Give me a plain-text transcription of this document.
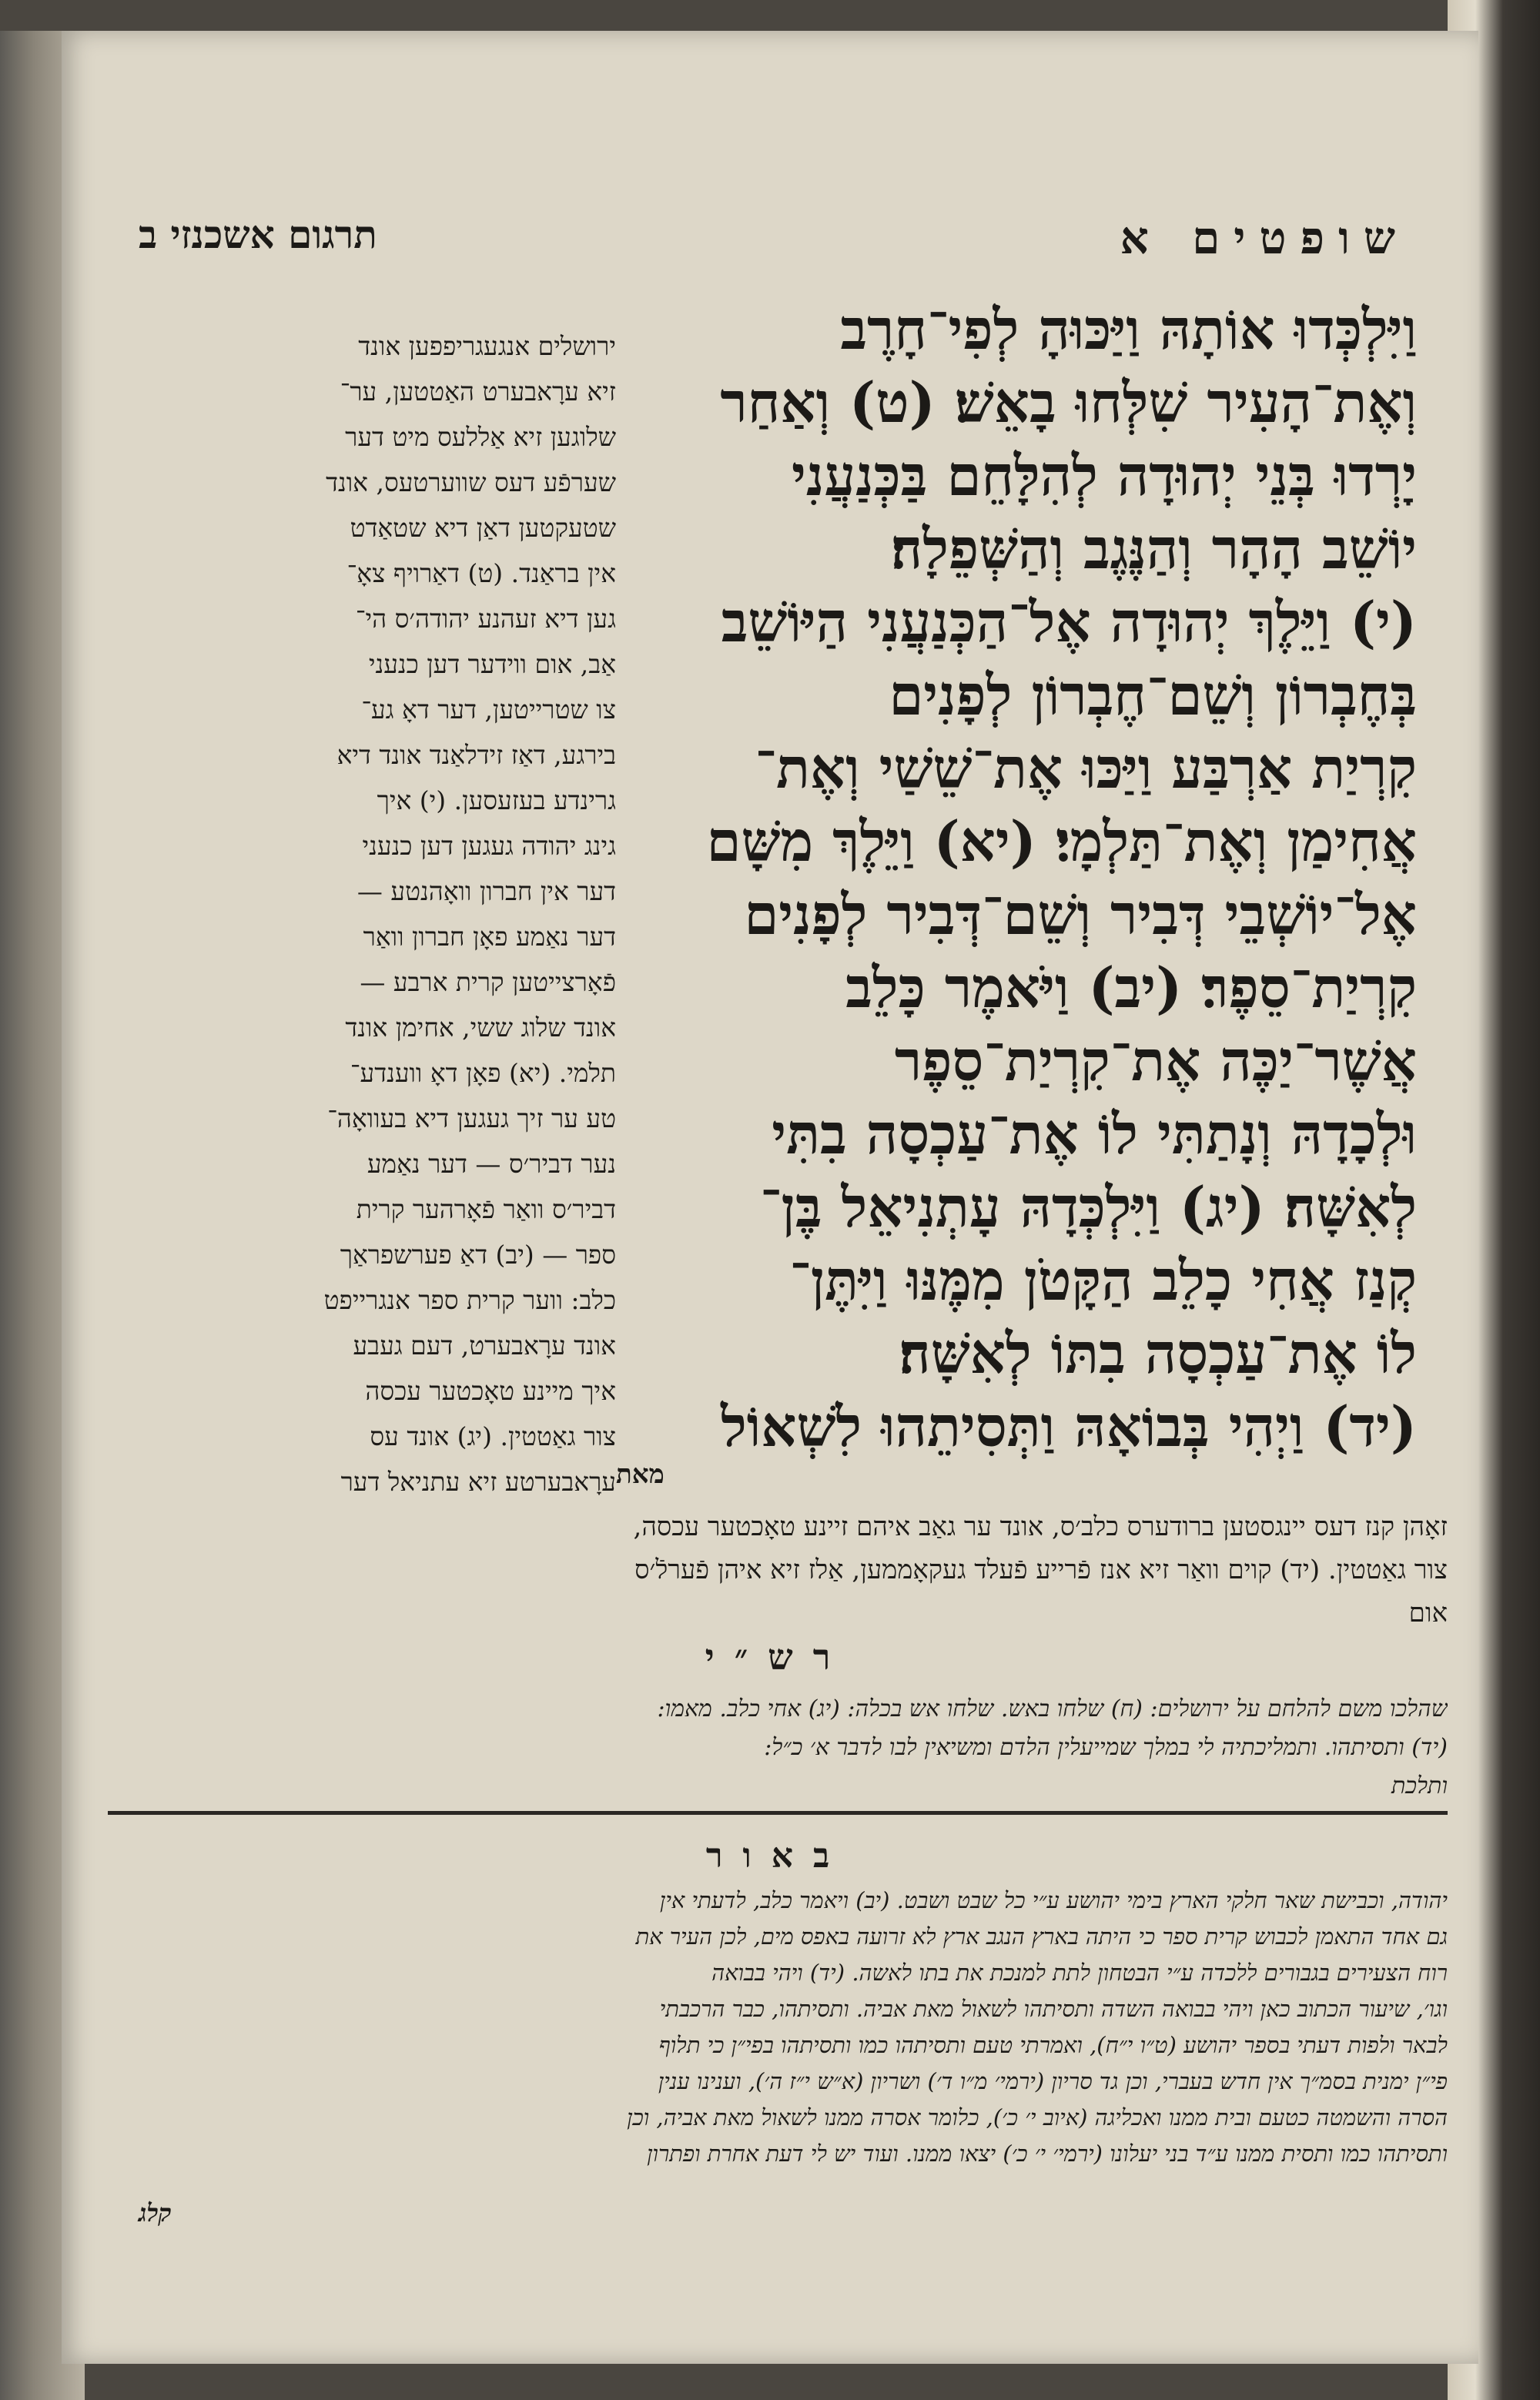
שופטים א
תרגום אשכנזי ב
וַיִּלְכְּדוּ אוֹתָהּ וַיַּכּוּהָ לְפִי־חָרֶב
וְאֶת־הָעִיר שִׁלְּחוּ בָאֵשׁ׃ (ט) וְאַחַר
יָרְדוּ בְּנֵי יְהוּדָה לְהִלָּחֵם בַּכְּנַעֲנִי
יוֹשֵׁב הָהָר וְהַנֶּגֶב וְהַשְּׁפֵלָה׃
(י) וַיֵּלֶךְ יְהוּדָה אֶל־הַכְּנַעֲנִי הַיּוֹשֵׁב
בְּחֶבְרוֹן וְשֵׁם־חֶבְרוֹן לְפָנִים
קִרְיַת אַרְבַּע וַיַּכּוּ אֶת־שֵׁשַׁי וְאֶת־
אֲחִימַן וְאֶת־תַּלְמָי׃ (יא) וַיֵּלֶךְ מִשָּׁם
אֶל־יוֹשְׁבֵי דְּבִיר וְשֵׁם־דְּבִיר לְפָנִים
קִרְיַת־סֵפֶר׃ (יב) וַיֹּאמֶר כָּלֵב
אֲשֶׁר־יַכֶּה אֶת־קִרְיַת־סֵפֶר
וּלְכָדָהּ וְנָתַתִּי לוֹ אֶת־עַכְסָה בִתִּי
לְאִשָּׁה׃ (יג) וַיִּלְכְּדָהּ עָתְנִיאֵל בֶּן־
קְנַז אֲחִי כָלֵב הַקָּטֹן מִמֶּנּוּ וַיִּתֶּן־
לוֹ אֶת־עַכְסָה בִתּוֹ לְאִשָּׁה׃
(יד) וַיְהִי בְּבוֹאָהּ וַתְּסִיתֵהוּ לִשְׁאוֹל
מאת
ירושלים אנגעגריפפען אונד
זיא ערָאבערט האַטטען, ער־
שלוגען זיא אַללעס מיט דער
שערפֿע דעס שווערטעס, אונד
שטעקטען דאַן דיא שטאַדט
אין בראַנד. (ט) דאַרויף צאָ־
גען דיא זעהנע יהודה׳ס הי־
אַב, אום ווידער דען כנעני
צו שטרייטען, דער דאָ גע־
בירגע, דאַז זידלאַנד אונד דיא
גרינדע בעזעסען. (י) איך
גינג יהודה געגען דען כנעני
דער אין חברון וואָהנטע —
דער נאַמע פאָן חברון וואַר
פֿאָרצייטען קרית ארבע —
אונד שלוג ששי, אחימן אונד
תלמי. (יא) פאָן דאָ ווענדע־
טע ער זיך געגען דיא בעוואָה־
נער דביר׳ס — דער נאַמע
דביר׳ס וואַר פֿאָרהער קרית
ספר — (יב) דאַ פערשפראַך
כלב: ווער קרית ספר אנגרייפט
אונד ערָאבערט, דעם געבע
איך מיינע טאָכטער עכסה
צור גאַטטין. (יג) אונד עס
ערָאבערטע זיא עתניאל דער
זאָהן קנז דעס יינגסטען ברודערס כלב׳ס, אונד ער גאַב איהם זיינע טאָכטער עכסה,
צור גאַטטין. (יד) קוים וואַר זיא אנז פֿרייע פֿעלד געקאָממען, אַלז זיא איהן פֿערלֿ׳ס
אום
רש״י
שהלכו משם להלחם על ירושלים: (ח) שלחו באש. שלחו אש בכלה: (יג) אחי כלב. מאמו:
(יד) ותסיתהו. ותמליכתיה לי במלך שמייעלין הלדם ומשיאין לבו לדבר א׳ כ״ל:
ותלכת
באור
יהודה, וכבישת שאר חלקי הארץ בימי יהושע ע״י כל שבט ושבט. (יב) ויאמר כלב, לדעתי אין
גם אחד התאמן לכבוש קרית ספר כי היתה בארץ הנגב ארץ לא זרועה באפס מים, לכן העיר את
רוח הצעירים בגבורים ללכדה ע״י הבטחון לתת למנכת את בתו לאשה. (יד) ויהי בבואה
וגו׳, שיעור הכתוב כאן ויהי בבואה השדה ותסיתהו לשאול מאת אביה. ותסיתהו, כבר הרכבתי
לבאר ולפות דעתי בספר יהושע (ט״ו י״ח), ואמרתי טעם ותסיתהו כמו ותסיתהו בפי״ן כי תלוף
פי״ן ימנית בסמ״ך אין חדש בעברי, וכן גד סריון (ירמי׳ מ״ו ד׳) ושריון (א״ש י״ז ה׳), וענינו ענין
הסרה והשמטה כטעם ובית ממנו ואכליגה (איוב י׳ כ׳), כלומר אסרה ממנו לשאול מאת אביה, וכן
ותסיתהו כמו ותסית ממנו ע״ד בני יעלונו (ירמי׳ י׳ כ׳) יצאו ממנו. ועוד יש לי דעת אחרת ופתרון
קלג
